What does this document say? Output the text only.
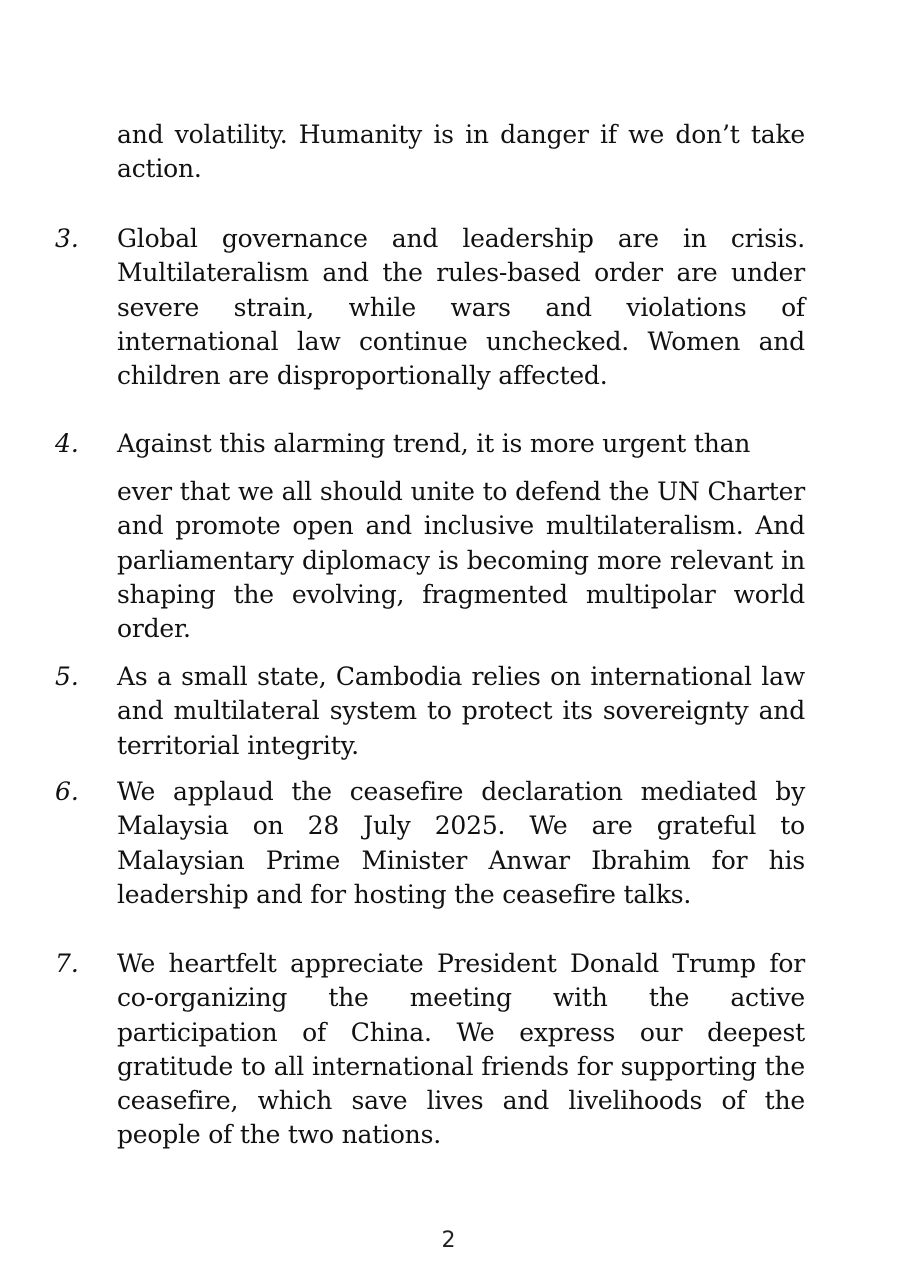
and volatility. Humanity is in danger if we don’t take action.

3. Global governance and leadership are in crisis. Multilateralism and the rules-based order are under severe strain, while wars and violations of international law continue unchecked. Women and children are disproportionally affected.

4. Against this alarming trend, it is more urgent than

ever that we all should unite to defend the UN Charter and promote open and inclusive multilateralism. And parliamentary diplomacy is becoming more relevant in shaping the evolving, fragmented multipolar world order.

5. As a small state, Cambodia relies on international law and multilateral system to protect its sovereignty and territorial integrity.

6. We applaud the ceasefire declaration mediated by Malaysia on 28 July 2025. We are grateful to Malaysian Prime Minister Anwar Ibrahim for his leadership and for hosting the ceasefire talks.

7. We heartfelt appreciate President Donald Trump for co-organizing the meeting with the active participation of China. We express our deepest gratitude to all international friends for supporting the ceasefire, which save lives and livelihoods of the people of the two nations.

2
